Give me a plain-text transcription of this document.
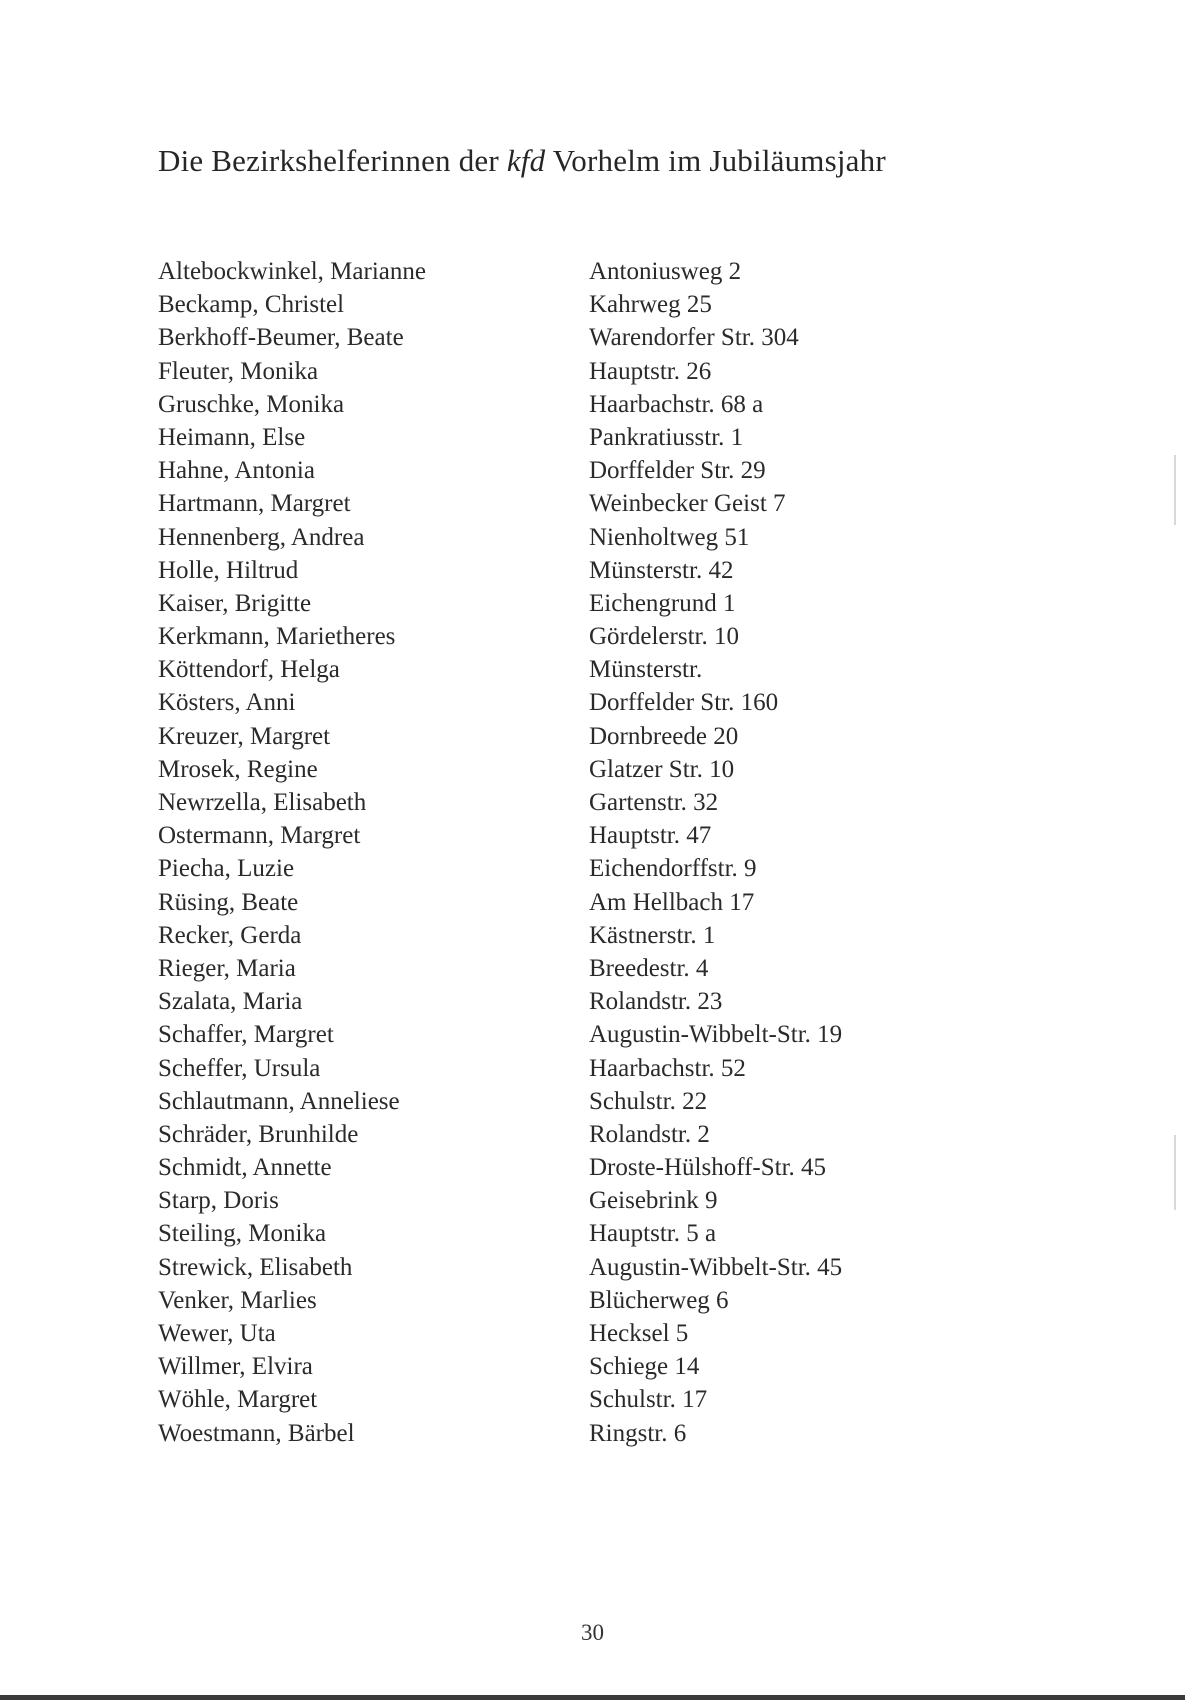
Die Bezirkshelferinnen der kfd Vorhelm im Jubiläumsjahr
Altebockwinkel, Marianne	Antoniusweg 2
Beckamp, Christel	Kahrweg 25
Berkhoff-Beumer, Beate	Warendorfer Str. 304
Fleuter, Monika	Hauptstr. 26
Gruschke, Monika	Haarbachstr. 68 a
Heimann, Else	Pankratiusstr. 1
Hahne, Antonia	Dorffelder Str. 29
Hartmann, Margret	Weinbecker Geist 7
Hennenberg, Andrea	Nienholtweg 51
Holle, Hiltrud	Münsterstr. 42
Kaiser, Brigitte	Eichengrund 1
Kerkmann, Marietheres	Gördelerstr. 10
Köttendorf, Helga	Münsterstr.
Kösters, Anni	Dorffelder Str. 160
Kreuzer, Margret	Dornbreede 20
Mrosek, Regine	Glatzer Str. 10
Newrzella, Elisabeth	Gartenstr. 32
Ostermann, Margret	Hauptstr. 47
Piecha, Luzie	Eichendorffstr. 9
Rüsing, Beate	Am Hellbach 17
Recker, Gerda	Kästnerstr. 1
Rieger, Maria	Breedestr. 4
Szalata, Maria	Rolandstr. 23
Schaffer, Margret	Augustin-Wibbelt-Str. 19
Scheffer, Ursula	Haarbachstr. 52
Schlautmann, Anneliese	Schulstr. 22
Schräder, Brunhilde	Rolandstr. 2
Schmidt, Annette	Droste-Hülshoff-Str. 45
Starp, Doris	Geisebrink 9
Steiling, Monika	Hauptstr. 5 a
Strewick, Elisabeth	Augustin-Wibbelt-Str. 45
Venker, Marlies	Blücherweg 6
Wewer, Uta	Hecksel 5
Willmer, Elvira	Schiege 14
Wöhle, Margret	Schulstr. 17
Woestmann, Bärbel	Ringstr. 6
30
